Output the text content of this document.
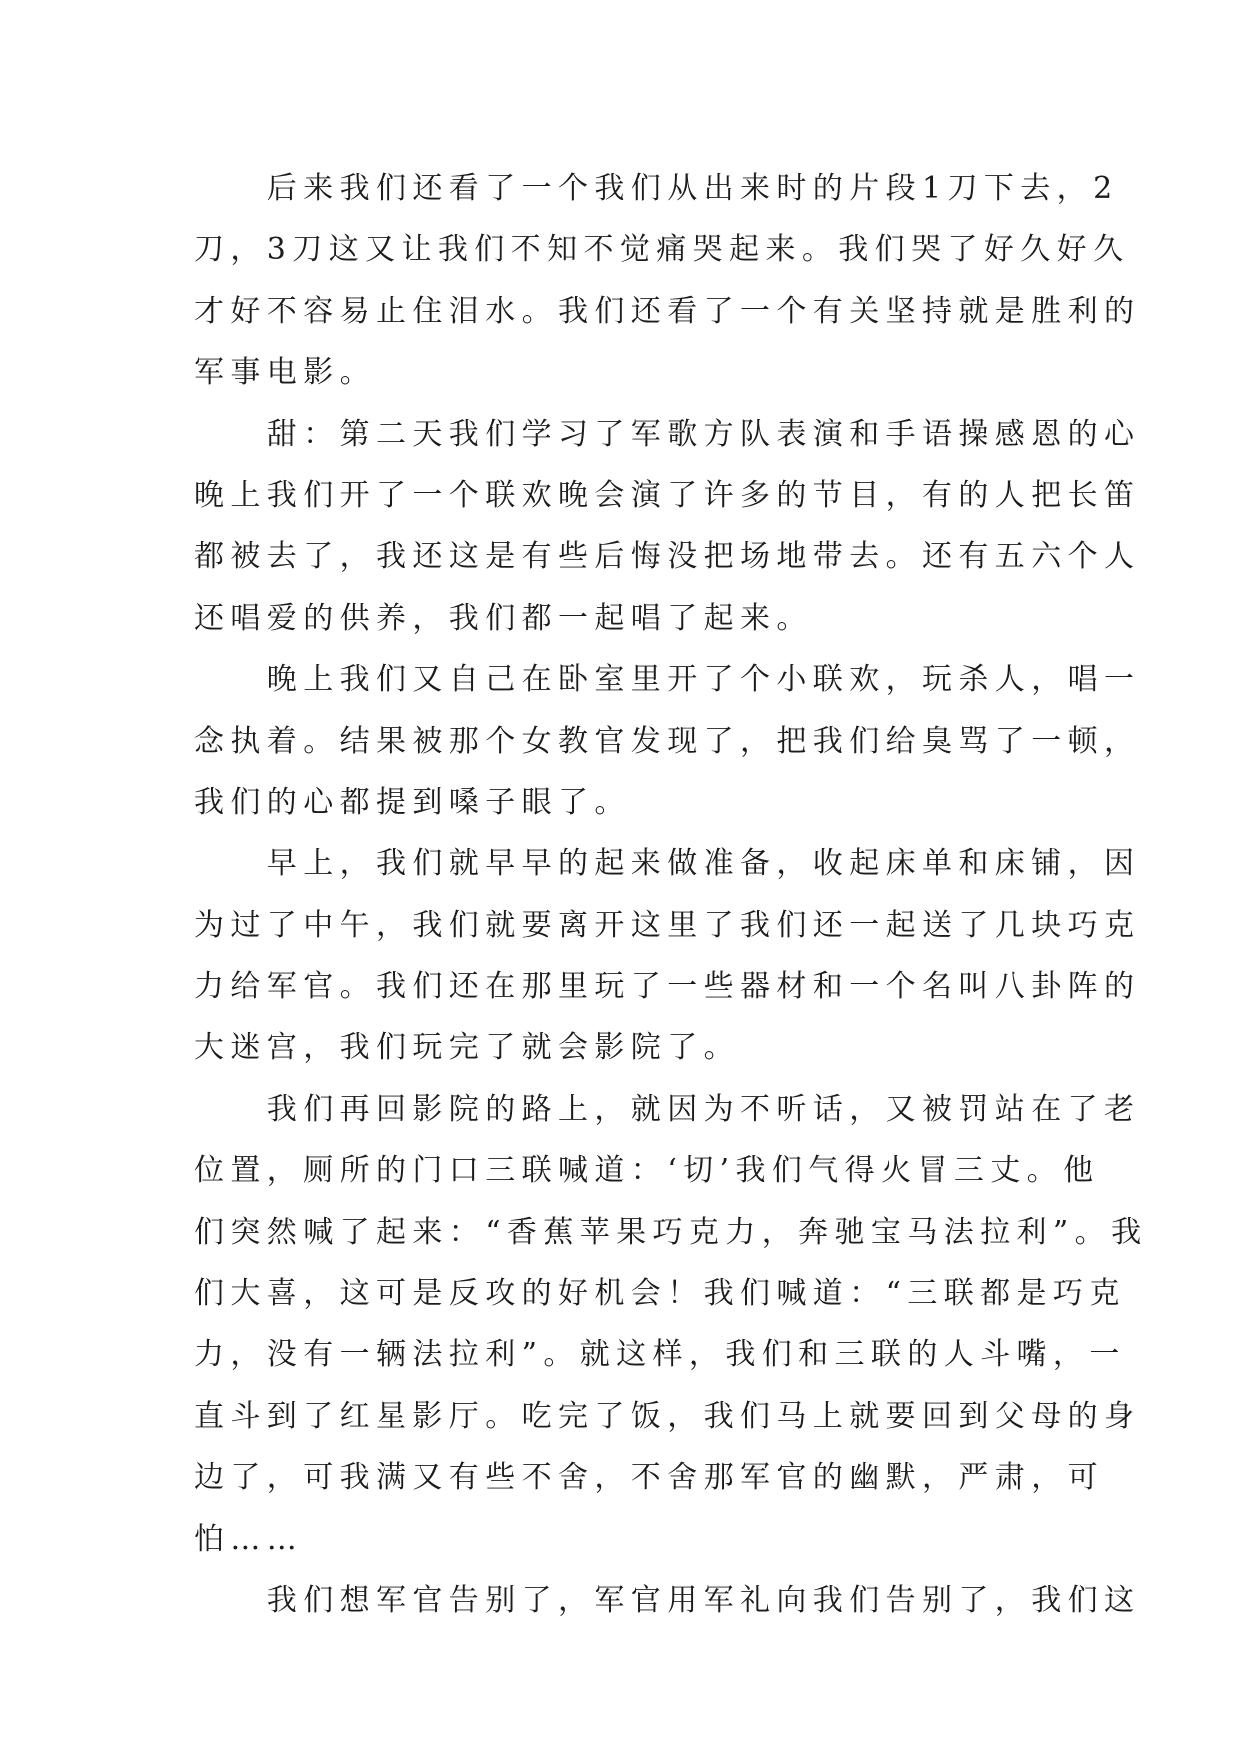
　　后来我们还看了一个我们从出来时的片段1刀下去，2
刀，3刀这又让我们不知不觉痛哭起来。我们哭了好久好久
才好不容易止住泪水。我们还看了一个有关坚持就是胜利的
军事电影。
　　甜：第二天我们学习了军歌方队表演和手语操感恩的心
晚上我们开了一个联欢晚会演了许多的节目，有的人把长笛
都被去了，我还这是有些后悔没把场地带去。还有五六个人
还唱爱的供养，我们都一起唱了起来。
　　晚上我们又自己在卧室里开了个小联欢，玩杀人，唱一
念执着。结果被那个女教官发现了，把我们给臭骂了一顿，
我们的心都提到嗓子眼了。
　　早上，我们就早早的起来做准备，收起床单和床铺，因
为过了中午，我们就要离开这里了我们还一起送了几块巧克
力给军官。我们还在那里玩了一些器材和一个名叫八卦阵的
大迷宫，我们玩完了就会影院了。
　　我们再回影院的路上，就因为不听话，又被罚站在了老
位置，厕所的门口三联喊道：‘切’我们气得火冒三丈。他
们突然喊了起来：“香蕉苹果巧克力，奔驰宝马法拉利”。我
们大喜，这可是反攻的好机会！我们喊道：“三联都是巧克
力，没有一辆法拉利”。就这样，我们和三联的人斗嘴，一
直斗到了红星影厅。吃完了饭，我们马上就要回到父母的身
边了，可我满又有些不舍，不舍那军官的幽默，严肃，可
怕……
　　我们想军官告别了，军官用军礼向我们告别了，我们这
